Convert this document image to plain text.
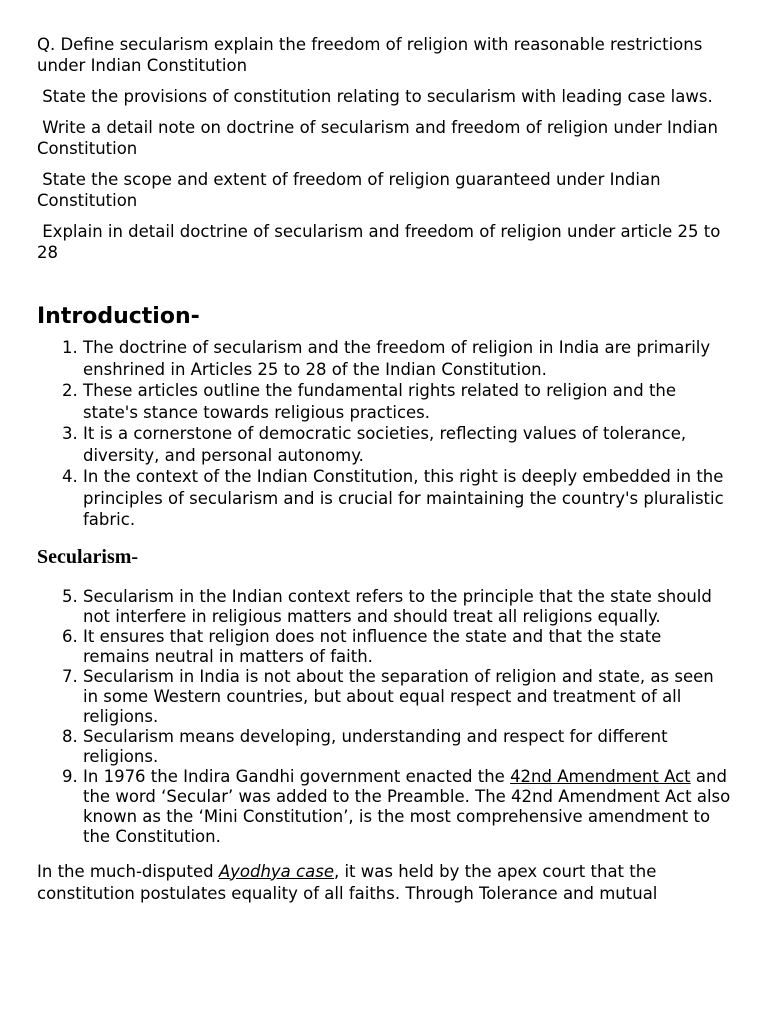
Q. Define secularism explain the freedom of religion with reasonable restrictions under Indian Constitution

State the provisions of constitution relating to secularism with leading case laws.

Write a detail note on doctrine of secularism and freedom of religion under Indian Constitution

State the scope and extent of freedom of religion guaranteed under Indian Constitution

Explain in detail doctrine of secularism and freedom of religion under article 25 to 28

Introduction-
1. The doctrine of secularism and the freedom of religion in India are primarily enshrined in Articles 25 to 28 of the Indian Constitution.
2. These articles outline the fundamental rights related to religion and the state's stance towards religious practices.
3. It is a cornerstone of democratic societies, reflecting values of tolerance, diversity, and personal autonomy.
4. In the context of the Indian Constitution, this right is deeply embedded in the principles of secularism and is crucial for maintaining the country's pluralistic fabric.
Secularism-
5. Secularism in the Indian context refers to the principle that the state should not interfere in religious matters and should treat all religions equally.
6. It ensures that religion does not influence the state and that the state remains neutral in matters of faith.
7. Secularism in India is not about the separation of religion and state, as seen in some Western countries, but about equal respect and treatment of all religions.
8. Secularism means developing, understanding and respect for different religions.
9. In 1976 the Indira Gandhi government enacted the 42nd Amendment Act and the word ‘Secular’ was added to the Preamble. The 42nd Amendment Act also known as the ‘Mini Constitution’, is the most comprehensive amendment to the Constitution.

In the much-disputed Ayodhya case, it was held by the apex court that the constitution postulates equality of all faiths. Through Tolerance and mutual
